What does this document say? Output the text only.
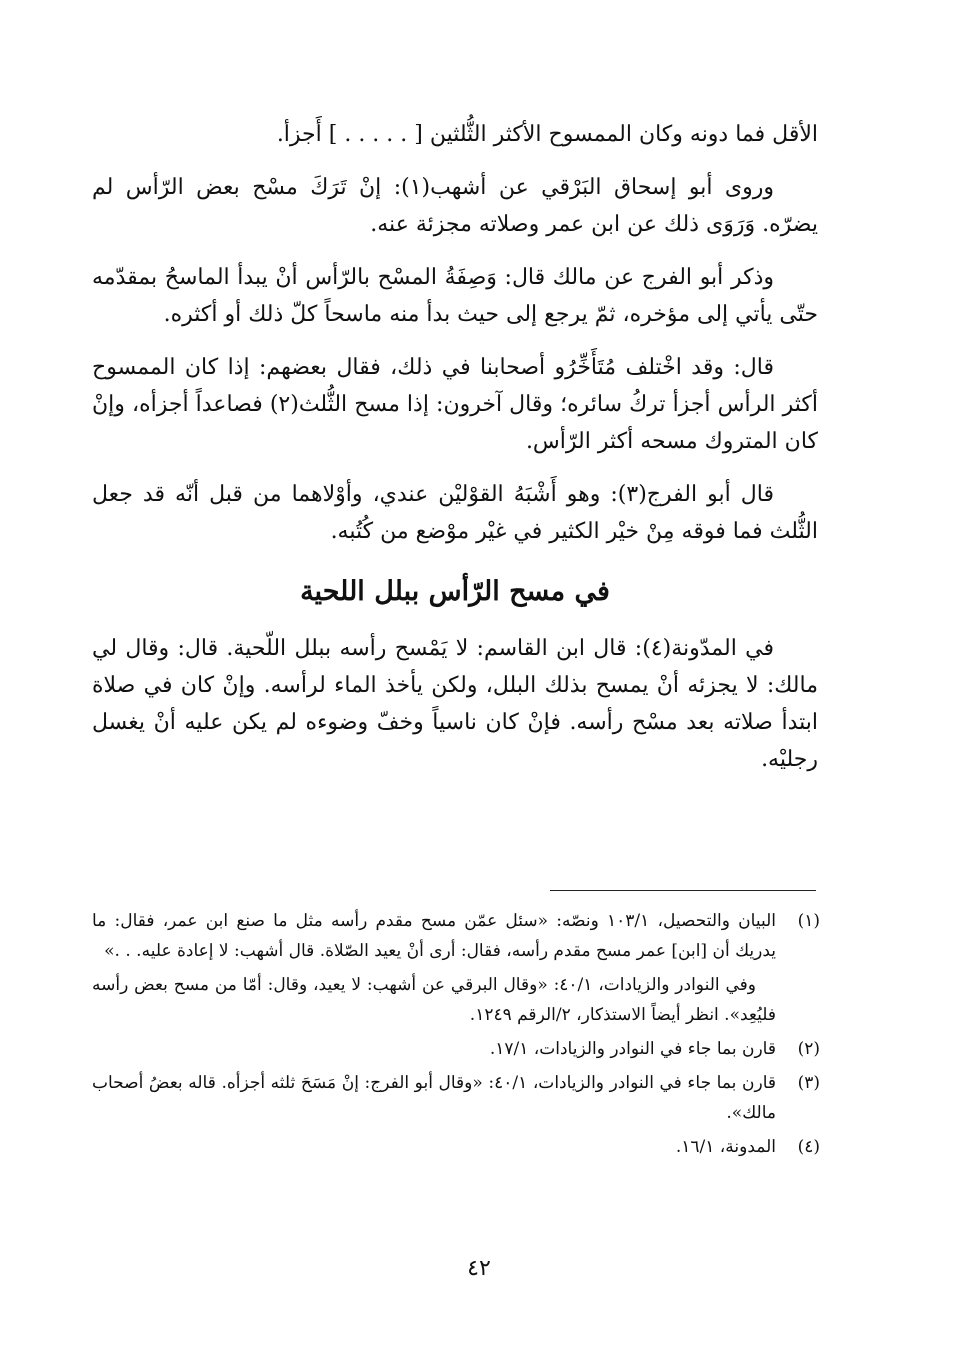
الأقل فما دونه وكان الممسوح الأكثر الثُّلثين [ . . . . . ] أَجزأ.

وروى أبو إسحاق البَرْقي عن أشهب(١): إنْ تَرَكَ مسْح بعض الرّأس لم يضرّه. وَرَوَى ذلك عن ابن عمر وصلاته مجزئة عنه.

وذكر أبو الفرج عن مالك قال: وَصِفَةُ المسْح بالرّأس أنْ يبدأ الماسحُ بمقدّمه حتّى يأتي إلى مؤخره، ثمّ يرجع إلى حيث بدأ منه ماسحاً كلّ ذلك أو أكثره.

قال: وقد اخْتلف مُتَأَخِّرُو أصحابنا في ذلك، فقال بعضهم: إذا كان الممسوح أكثر الرأس أجزأ تركُ سائره؛ وقال آخرون: إذا مسح الثُّلث(٢) فصاعداً أجزأه، وإنْ كان المتروك مسحه أكثر الرّأس.

قال أبو الفرج(٣): وهو أَشْبَهُ القوْليْن عندي، وأوْلاهما من قبل أنّه قد جعل الثُّلث فما فوقه مِنْ خيْر الكثير في غيْر موْضع من كُتُبه.

في مسح الرّأس ببلل اللحية

في المدّونة(٤): قال ابن القاسم: لا يَمْسح رأسه ببلل اللّحية. قال: وقال لي مالك: لا يجزئه أنْ يمسح بذلك البلل، ولكن يأخذ الماء لرأسه. وإنْ كان في صلاة ابتدأ صلاته بعد مسْح رأسه. فإنْ كان ناسياً وخفّ وضوءه لم يكن عليه أنْ يغسل رجليْه.

(١)
البيان والتحصيل، ١٠٣/١ ونصّه: «سئل عمّن مسح مقدم رأسه مثل ما صنع ابن عمر، فقال: ما يدريك أن [ابن] عمر مسح مقدم رأسه، فقال: أرى أنْ يعيد الصّلاة. قال أشهب: لا إعادة عليه. . .»
وفي النوادر والزيادات، ٤٠/١: «وقال البرقي عن أشهب: لا يعيد، وقال: أمّا من مسح بعض رأسه فليُعِد». انظر أيضاً الاستذكار، ٢/الرقم ١٢٤٩.
(٢)
قارن بما جاء في النوادر والزيادات، ١٧/١.
(٣)
قارن بما جاء في النوادر والزيادات، ٤٠/١: «وقال أبو الفرج: إنْ مَسَحَ ثلثه أجزأه. قاله بعضُ أصحاب مالك».
(٤)
المدونة، ١٦/١.
٤٢
